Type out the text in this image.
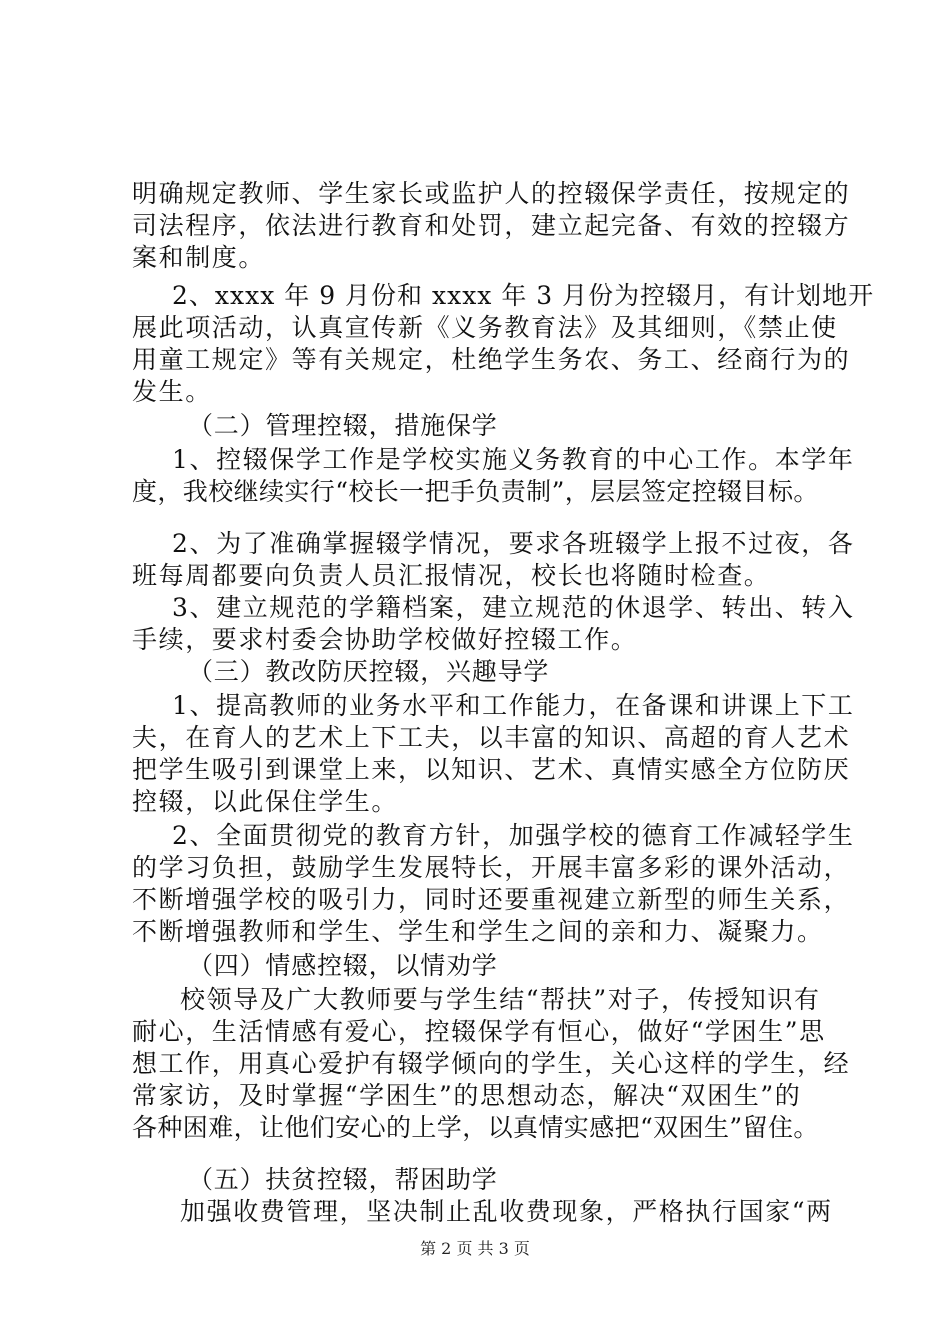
明确规定教师、学生家长或监护人的控辍保学责任，按规定的
司法程序，依法进行教育和处罚，建立起完备、有效的控辍方
案和制度。
2、xxxx 年 9 月份和 xxxx 年 3 月份为控辍月，有计划地开
展此项活动，认真宣传新《义务教育法》及其细则，《禁止使
用童工规定》等有关规定，杜绝学生务农、务工、经商行为的
发生。
（二）管理控辍，措施保学
1、控辍保学工作是学校实施义务教育的中心工作。本学年
度，我校继续实行“校长一把手负责制”，层层签定控辍目标。
2、为了准确掌握辍学情况，要求各班辍学上报不过夜，各
班每周都要向负责人员汇报情况，校长也将随时检查。
3、建立规范的学籍档案，建立规范的休退学、转出、转入
手续，要求村委会协助学校做好控辍工作。
（三）教改防厌控辍，兴趣导学
1、提高教师的业务水平和工作能力，在备课和讲课上下工
夫，在育人的艺术上下工夫，以丰富的知识、高超的育人艺术
把学生吸引到课堂上来，以知识、艺术、真情实感全方位防厌
控辍，以此保住学生。
2、全面贯彻党的教育方针，加强学校的德育工作减轻学生
的学习负担，鼓励学生发展特长，开展丰富多彩的课外活动，
不断增强学校的吸引力，同时还要重视建立新型的师生关系，
不断增强教师和学生、学生和学生之间的亲和力、凝聚力。
（四）情感控辍，以情劝学
校领导及广大教师要与学生结“帮扶”对子，传授知识有
耐心，生活情感有爱心，控辍保学有恒心，做好“学困生”思
想工作，用真心爱护有辍学倾向的学生，关心这样的学生，经
常家访，及时掌握“学困生”的思想动态，解决“双困生”的
各种困难，让他们安心的上学，以真情实感把“双困生”留住。
（五）扶贫控辍，帮困助学
加强收费管理，坚决制止乱收费现象，严格执行国家“两
第 2 页 共 3 页
